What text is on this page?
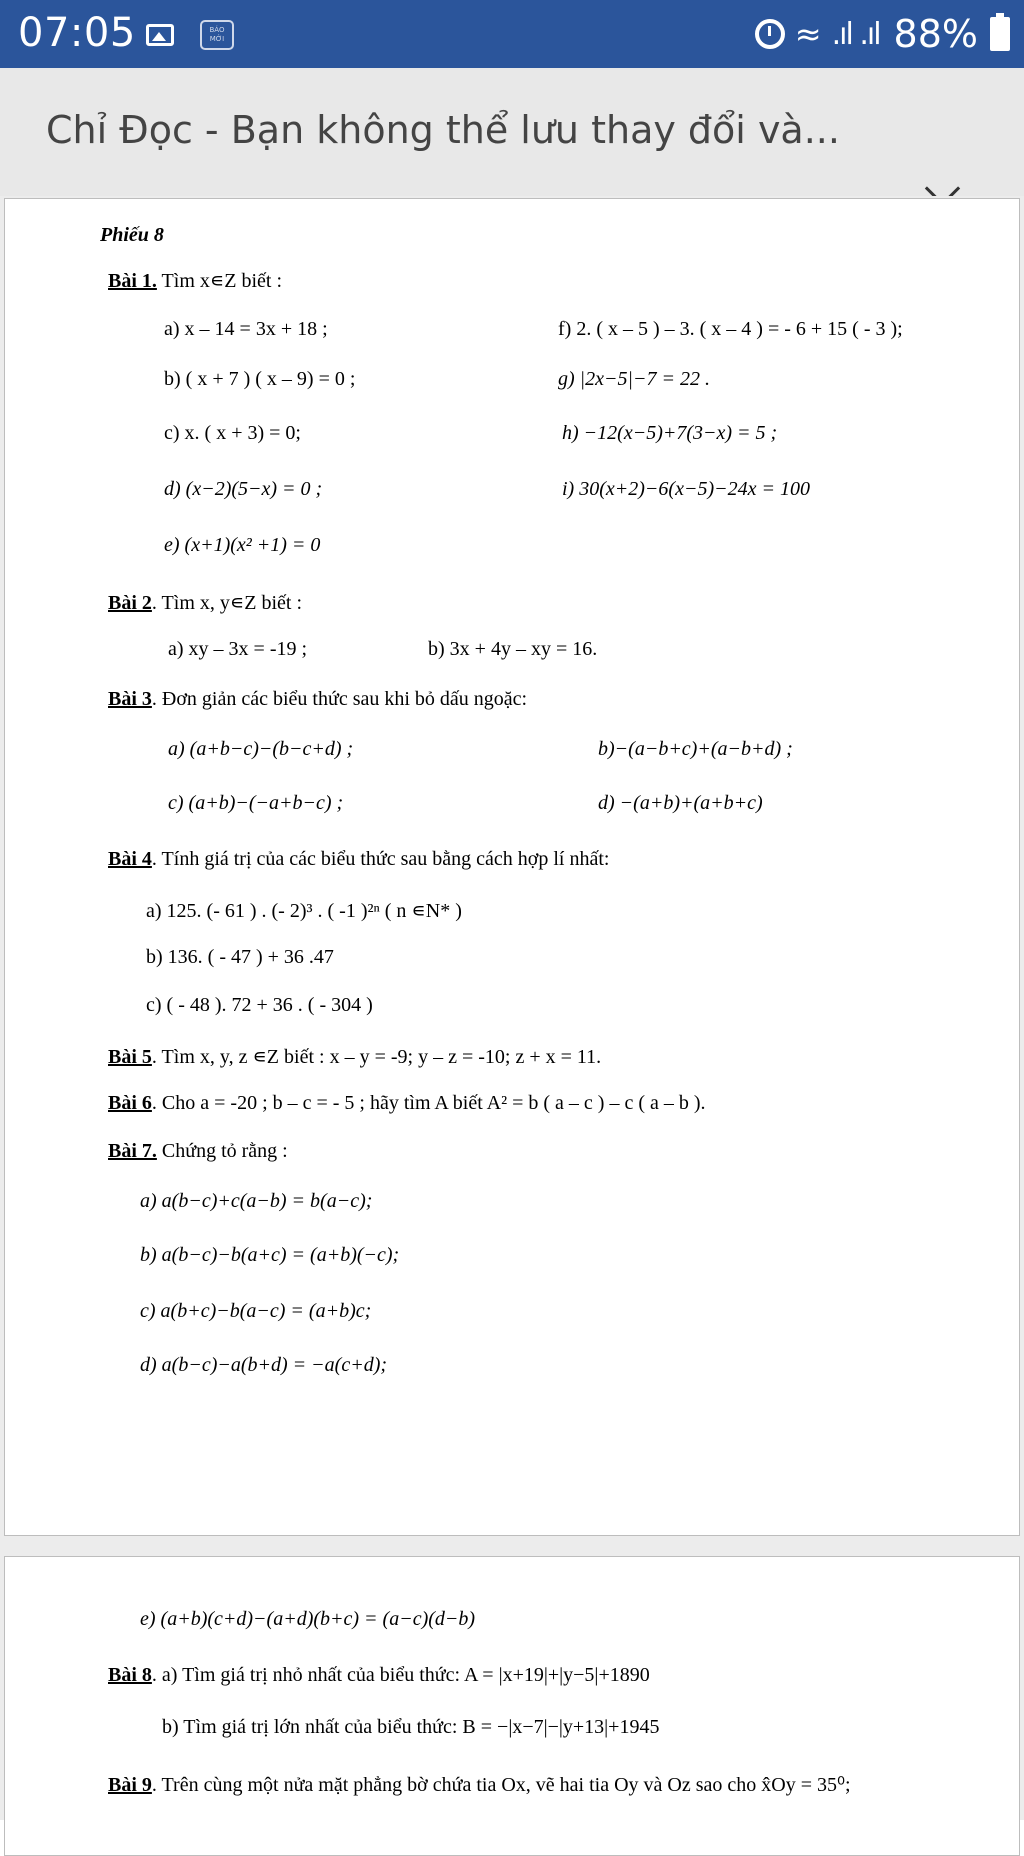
07:05	BÁO MỚI	≈ .ıl .ıl 88%
Chỉ Đọc - Bạn không thể lưu thay đổi và...
Phiếu 8
Bài 1. Tìm x∊Z biết :
a) x – 14 = 3x + 18 ;
b) ( x + 7 ) ( x – 9) = 0 ;
c) x. ( x + 3) = 0;
d) (x−2)(5−x) = 0 ;
e) (x+1)(x² +1) = 0
f) 2. ( x – 5 ) – 3. ( x – 4 ) = - 6 + 15 ( - 3 );
g) |2x−5|−7 = 22 .
h) −12(x−5)+7(3−x) = 5 ;
i) 30(x+2)−6(x−5)−24x = 100
Bài 2. Tìm x, y∊Z biết :
a) xy – 3x = -19 ;	b) 3x + 4y – xy = 16.
Bài 3. Đơn giản các biểu thức sau khi bỏ dấu ngoặc:
a) (a+b−c)−(b−c+d) ;	b)−(a−b+c)+(a−b+d) ;
c) (a+b)−(−a+b−c) ;	d) −(a+b)+(a+b+c)
Bài 4. Tính giá trị của các biểu thức sau bằng cách hợp lí nhất:
a) 125. (- 61 ) . (- 2)³ . ( -1 )²ⁿ ( n ∊N* )
b) 136. ( - 47 ) + 36 .47
c) ( - 48 ). 72 + 36 . ( - 304 )
Bài 5. Tìm x, y, z ∊Z biết : x – y = -9; y – z = -10; z + x = 11.
Bài 6. Cho a = -20 ; b – c = - 5 ; hãy tìm A biết A² = b ( a – c ) – c ( a – b ).
Bài 7. Chứng tỏ rằng :
a) a(b−c)+c(a−b) = b(a−c);
b) a(b−c)−b(a+c) = (a+b)(−c);
c) a(b+c)−b(a−c) = (a+b)c;
d) a(b−c)−a(b+d) = −a(c+d);
e) (a+b)(c+d)−(a+d)(b+c) = (a−c)(d−b)
Bài 8. a) Tìm giá trị nhỏ nhất của biểu thức: A = |x+19|+|y−5|+1890
b) Tìm giá trị lớn nhất của biểu thức: B = −|x−7|−|y+13|+1945
Bài 9. Trên cùng một nửa mặt phẳng bờ chứa tia Ox, vẽ hai tia Oy và Oz sao cho x̂Oy = 35⁰;
